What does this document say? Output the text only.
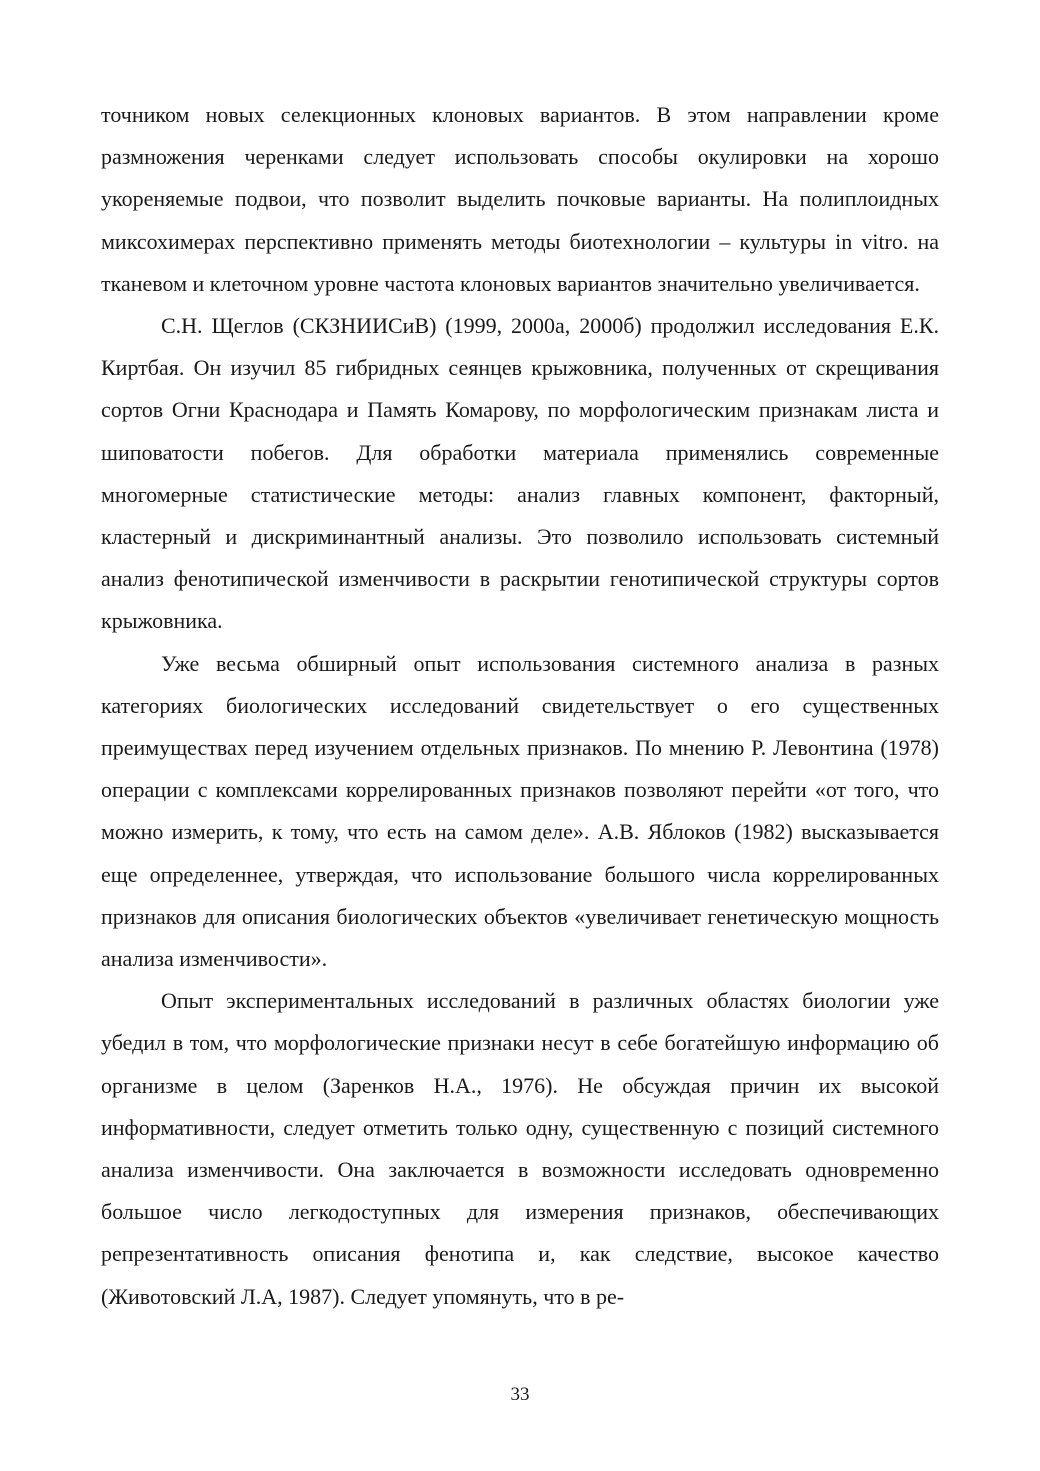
точником новых селекционных клоновых вариантов. В этом направлении кроме размножения черенками следует использовать способы окулировки на хорошо укореняемые подвои, что позволит выделить почковые варианты. На полиплоидных миксохимерах перспективно применять методы биотехнологии – культуры in vitro. на тканевом и клеточном уровне частота клоновых вариантов значительно увеличивается.

С.Н. Щеглов (СКЗНИИСиВ) (1999, 2000а, 2000б) продолжил исследования Е.К. Киртбая. Он изучил 85 гибридных сеянцев крыжовника, полученных от скрещивания сортов Огни Краснодара и Память Комарову, по морфологическим признакам листа и шиповатости побегов. Для обработки материала применялись современные многомерные статистические методы: анализ главных компонент, факторный, кластерный и дискриминантный анализы. Это позволило использовать системный анализ фенотипической изменчивости в раскрытии генотипической структуры сортов крыжовника.

Уже весьма обширный опыт использования системного анализа в разных категориях биологических исследований свидетельствует о его существенных преимуществах перед изучением отдельных признаков. По мнению Р. Левонтина (1978) операции с комплексами коррелированных признаков позволяют перейти «от того, что можно измерить, к тому, что есть на самом деле». А.В. Яблоков (1982) высказывается еще определеннее, утверждая, что использование большого числа коррелированных признаков для описания биологических объектов «увеличивает генетическую мощность анализа изменчивости».

Опыт экспериментальных исследований в различных областях биологии уже убедил в том, что морфологические признаки несут в себе богатейшую информацию об организме в целом (Заренков Н.А., 1976). Не обсуждая причин их высокой информативности, следует отметить только одну, существенную с позиций системного анализа изменчивости. Она заключается в возможности исследовать одновременно большое число легкодоступных для измерения признаков, обеспечивающих репрезентативность описания фенотипа и, как следствие, высокое качество (Животовский Л.А, 1987). Следует упомянуть, что в ре-

33
